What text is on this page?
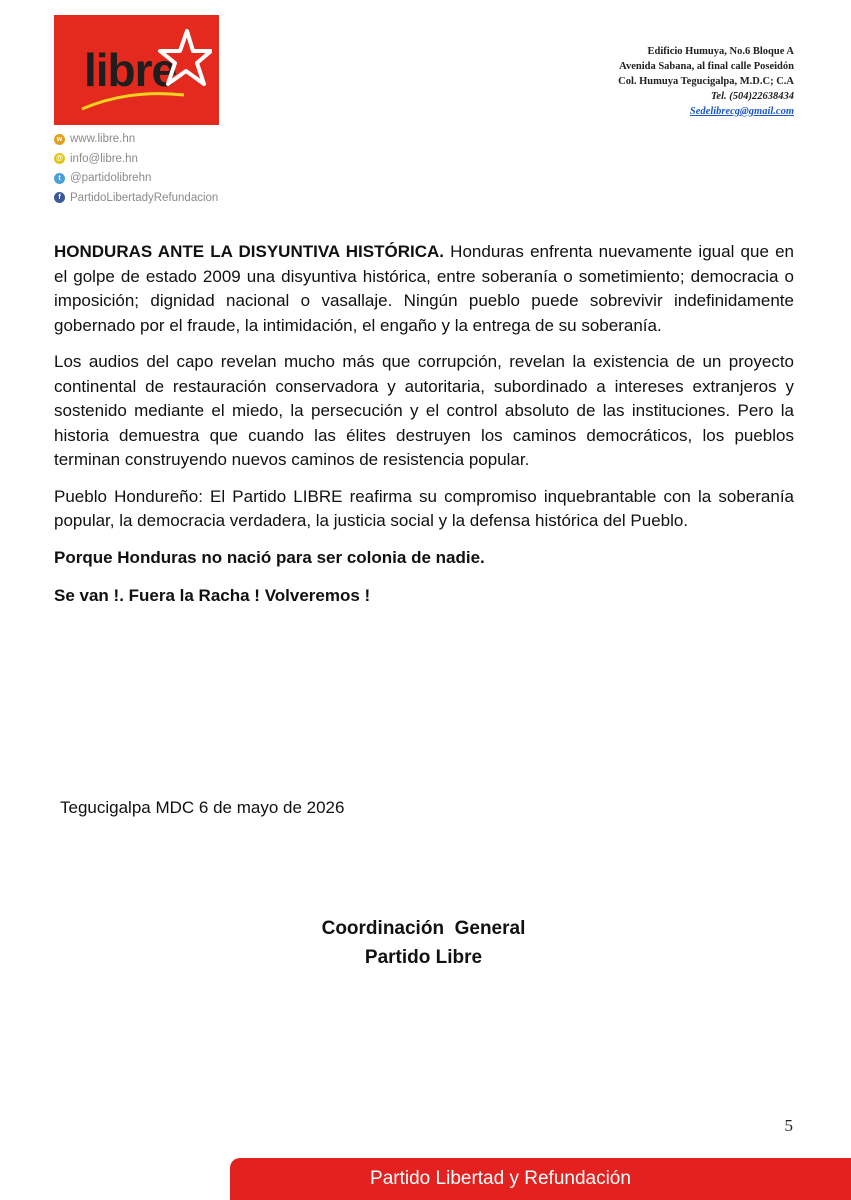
libre
w www.libre.hn
@ info@libre.hn
t @partidolibrehn
f PartidoLibertadyRefundacion
Edificio Humuya, No.6 Bloque A
Avenida Sabana, al final calle Poseidón
Col. Humuya Tegucigalpa, M.D.C; C.A
Tel. (504)22638434
Sedelibrecg@gmail.com

HONDURAS ANTE LA DISYUNTIVA HISTÓRICA. Honduras enfrenta nuevamente igual que en el golpe de estado 2009 una disyuntiva histórica, entre soberanía o sometimiento; democracia o imposición; dignidad nacional o vasallaje. Ningún pueblo puede sobrevivir indefinidamente gobernado por el fraude, la intimidación, el engaño y la entrega de su soberanía.

Los audios del capo revelan mucho más que corrupción, revelan la existencia de un proyecto continental de restauración conservadora y autoritaria, subordinado a intereses extranjeros y sostenido mediante el miedo, la persecución y el control absoluto de las instituciones. Pero la historia demuestra que cuando las élites destruyen los caminos democráticos, los pueblos terminan construyendo nuevos caminos de resistencia popular.

Pueblo Hondureño: El Partido LIBRE reafirma su compromiso inquebrantable con la soberanía popular, la democracia verdadera, la justicia social y la defensa histórica del Pueblo.

Porque Honduras no nació para ser colonia de nadie.

Se van !. Fuera la Racha ! Volveremos !

Tegucigalpa MDC 6 de mayo de 2026
Coordinación  General
Partido Libre
5
Partido Libertad y Refundación
